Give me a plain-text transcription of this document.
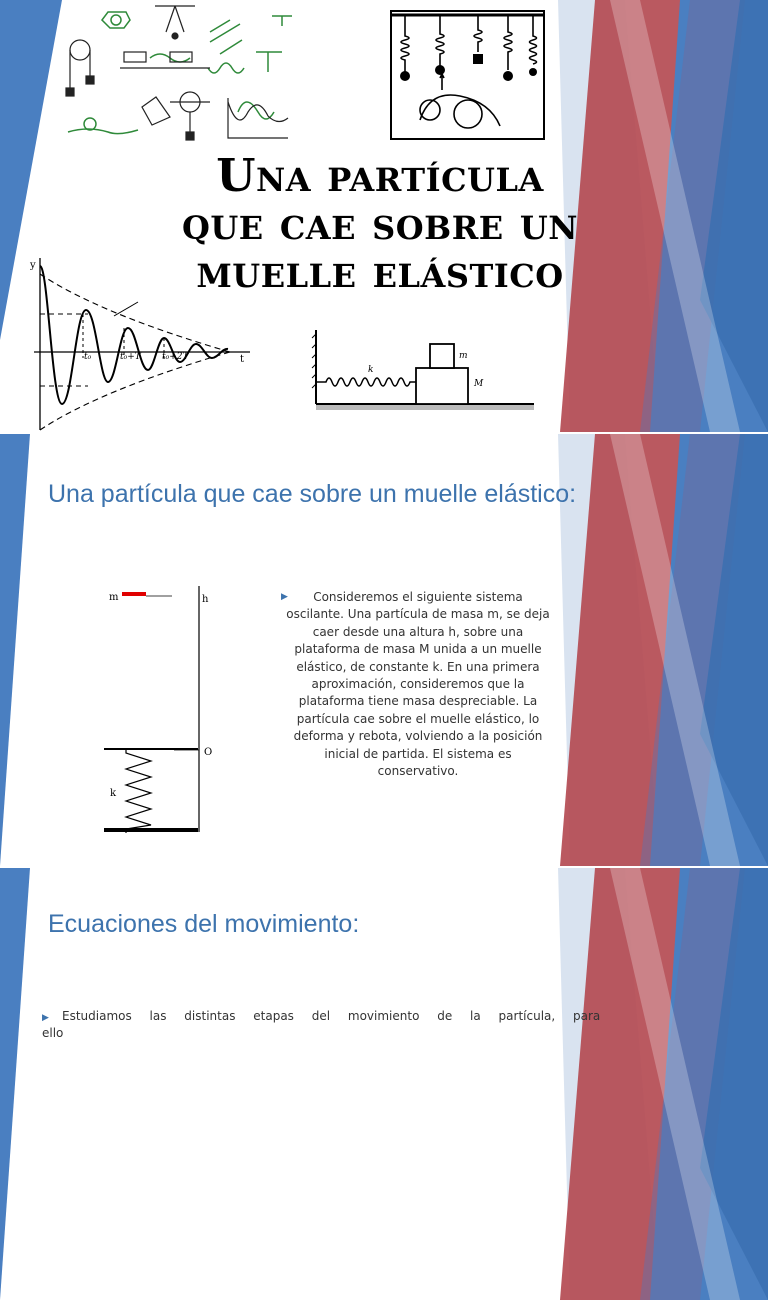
Una partícula
que cae sobre un
muelle elástico
y
t
t₀	t₀+T t₀+2T
k
m
M
Una partícula que cae sobre un muelle elástico:
m	h
O
k
▶ Consideremos el siguiente sistema oscilante. Una partícula de masa m, se deja caer desde una altura h, sobre una plataforma de masa M unida a un muelle elástico, de constante k. En una primera aproximación, consideremos que la plataforma tiene masa despreciable. La partícula cae sobre el muelle elástico, lo deforma y rebota, volviendo a la posición inicial de partida. El sistema es conservativo.
Ecuaciones del movimiento:
▶ Estudiamos las distintas etapas del movimiento de la partícula, para ello
